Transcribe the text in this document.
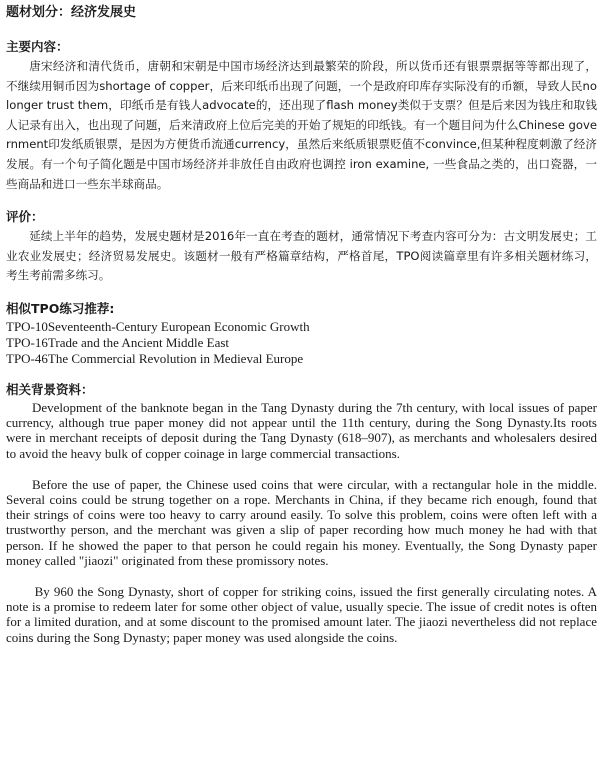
题材划分：经济发展史
主要内容：

唐宋经济和清代货币，唐朝和宋朝是中国市场经济达到最繁荣的阶段，所以货币还有银票票据等等都出现了，不继续用铜币因为shortage of copper，后来印纸币出现了问题，一个是政府印库存实际没有的币额，导致人民no longer trust them，印纸币是有钱人advocate的，还出现了flash money类似于支票？但是后来因为钱庄和取钱人记录有出入，也出现了问题，后来清政府上位后完美的开始了规矩的印纸钱。有一个题目问为什么Chinese government印发纸质银票，是因为方便货币流通currency，虽然后来纸质银票贬值不convince,但某种程度刺激了经济发展。有一个句子简化题是中国市场经济并非放任自由政府也调控 iron examine, 一些食品之类的，出口瓷器，一些商品和进口一些东半球商品。

评价：

延续上半年的趋势，发展史题材是2016年一直在考查的题材，通常情况下考查内容可分为：古文明发展史；工业农业发展史；经济贸易发展史。该题材一般有严格篇章结构，严格首尾，TPO阅读篇章里有许多相关题材练习，考生考前需多练习。

相似TPO练习推荐:
TPO-10Seventeenth-Century European Economic Growth
TPO-16Trade and the Ancient Middle East
TPO-46The Commercial Revolution in Medieval Europe
相关背景资料：

Development of the banknote began in the Tang Dynasty during the 7th century, with local issues of paper currency, although true paper money did not appear until the 11th century, during the Song Dynasty.Its roots were in merchant receipts of deposit during the Tang Dynasty (618–907), as merchants and wholesalers desired to avoid the heavy bulk of copper coinage in large commercial transactions.

Before the use of paper, the Chinese used coins that were circular, with a rectangular hole in the middle. Several coins could be strung together on a rope. Merchants in China, if they became rich enough, found that their strings of coins were too heavy to carry around easily. To solve this problem, coins were often left with a trustworthy person, and the merchant was given a slip of paper recording how much money he had with that person. If he showed the paper to that person he could regain his money. Eventually, the Song Dynasty paper money called "jiaozi" originated from these promissory notes.

By 960 the Song Dynasty, short of copper for striking coins, issued the first generally circulating notes. A note is a promise to redeem later for some other object of value, usually specie. The issue of credit notes is often for a limited duration, and at some discount to the promised amount later. The jiaozi nevertheless did not replace coins during the Song Dynasty; paper money was used alongside the coins.
